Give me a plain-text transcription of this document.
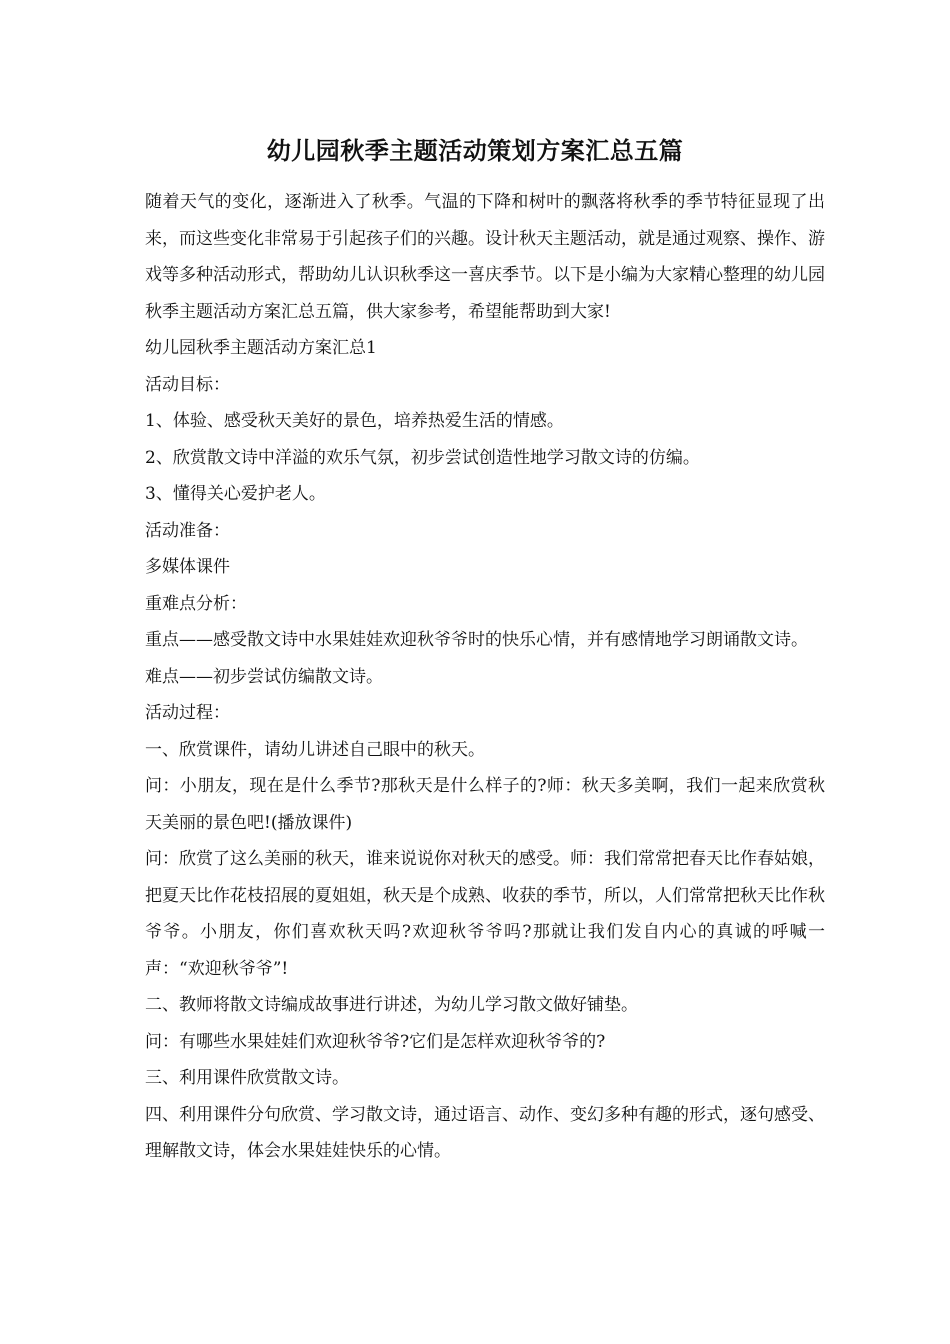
幼儿园秋季主题活动策划方案汇总五篇

随着天气的变化，逐渐进入了秋季。气温的下降和树叶的飘落将秋季的季节特征显现了出来，而这些变化非常易于引起孩子们的兴趣。设计秋天主题活动，就是通过观察、操作、游戏等多种活动形式，帮助幼儿认识秋季这一喜庆季节。以下是小编为大家精心整理的幼儿园秋季主题活动方案汇总五篇，供大家参考，希望能帮助到大家!

幼儿园秋季主题活动方案汇总1

活动目标：

1、体验、感受秋天美好的景色，培养热爱生活的情感。

2、欣赏散文诗中洋溢的欢乐气氛，初步尝试创造性地学习散文诗的仿编。

3、懂得关心爱护老人。

活动准备：

多媒体课件

重难点分析：

重点——感受散文诗中水果娃娃欢迎秋爷爷时的快乐心情，并有感情地学习朗诵散文诗。

难点——初步尝试仿编散文诗。

活动过程：

一、欣赏课件，请幼儿讲述自己眼中的秋天。

问：小朋友，现在是什么季节?那秋天是什么样子的?师：秋天多美啊，我们一起来欣赏秋天美丽的景色吧!(播放课件)

问：欣赏了这么美丽的秋天，谁来说说你对秋天的感受。师：我们常常把春天比作春姑娘，把夏天比作花枝招展的夏姐姐，秋天是个成熟、收获的季节，所以，人们常常把秋天比作秋爷爷。小朋友，你们喜欢秋天吗?欢迎秋爷爷吗?那就让我们发自内心的真诚的呼喊一声：“欢迎秋爷爷”!

二、教师将散文诗编成故事进行讲述，为幼儿学习散文做好铺垫。

问：有哪些水果娃娃们欢迎秋爷爷?它们是怎样欢迎秋爷爷的?

三、利用课件欣赏散文诗。

四、利用课件分句欣赏、学习散文诗，通过语言、动作、变幻多种有趣的形式，逐句感受、理解散文诗，体会水果娃娃快乐的心情。
